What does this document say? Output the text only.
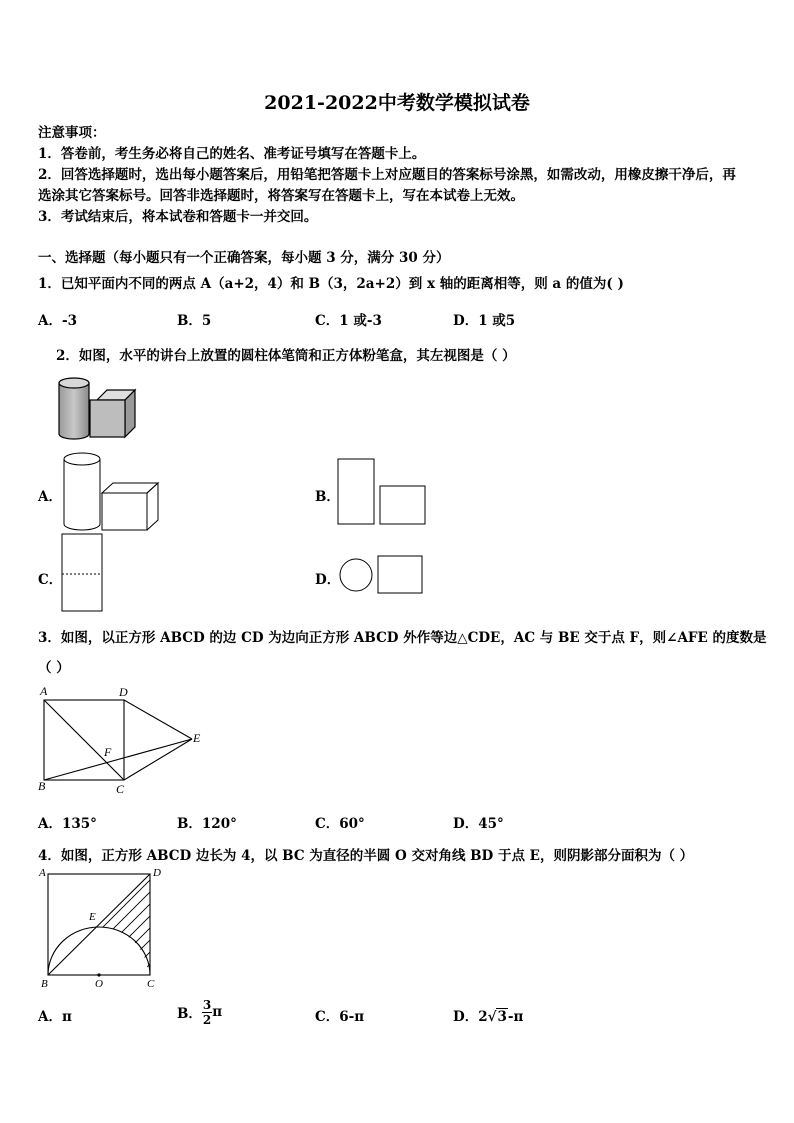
2021-2022中考数学模拟试卷
注意事项：
1．答卷前，考生务必将自己的姓名、准考证号填写在答题卡上。
2．回答选择题时，选出每小题答案后，用铅笔把答题卡上对应题目的答案标号涂黑，如需改动，用橡皮擦干净后，再
选涂其它答案标号。回答非选择题时，将答案写在答题卡上，写在本试卷上无效。
3．考试结束后，将本试卷和答题卡一并交回。
一、选择题（每小题只有一个正确答案，每小题 3 分，满分 30 分）
1．已知平面内不同的两点 A（a+2，4）和 B（3，2a+2）到 x 轴的距离相等，则 a 的值为( )
A．-3	B．5	C．1 或-3	D．1 或5
2．如图，水平的讲台上放置的圆柱体笔筒和正方体粉笔盒，其左视图是（ ）
A．	B．
C．	D．
3．如图，以正方形 ABCD 的边 CD 为边向正方形 ABCD 外作等边△CDE，AC 与 BE 交于点 F，则∠AFE 的度数是
（ ）
A	D
E
F
B	C
A．135°	B．120°	C．60°	D．45°
4．如图，正方形 ABCD 边长为 4，以 BC 为直径的半圆 O 交对角线 BD 于点 E，则阴影部分面积为（ ）
A	D
E
B	O	C
A．π	B． $\frac{3}{2}$ π	C．6-π	D．2√3-π
